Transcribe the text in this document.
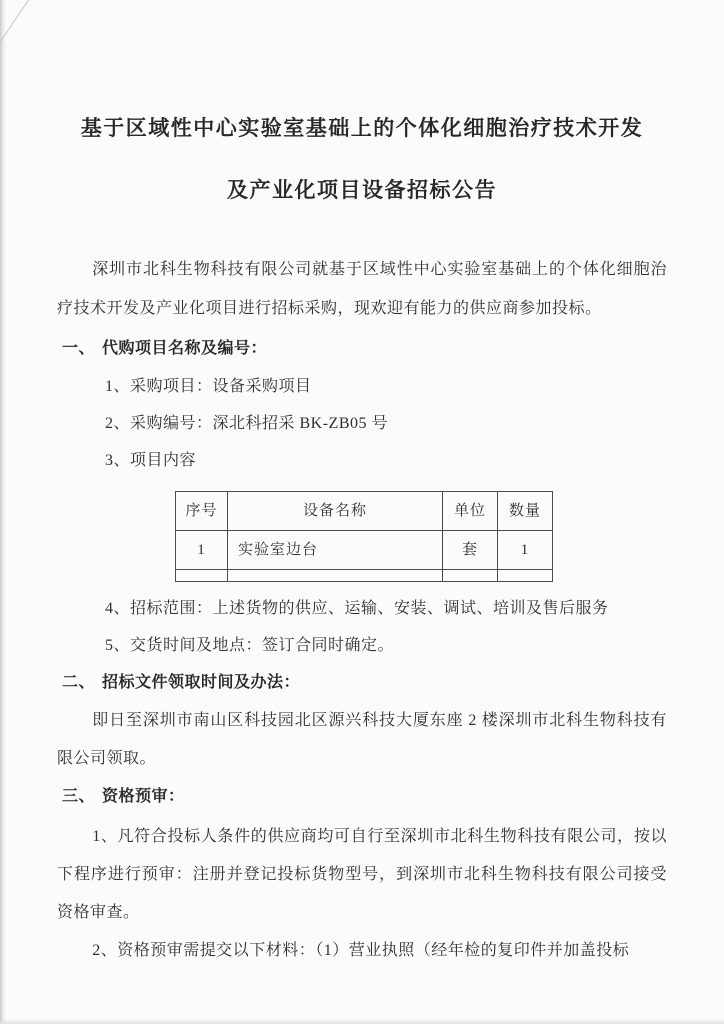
基于区域性中心实验室基础上的个体化细胞治疗技术开发
及产业化项目设备招标公告
深圳市北科生物科技有限公司就基于区域性中心实验室基础上的个体化细胞治疗技术开发及产业化项目进行招标采购，现欢迎有能力的供应商参加投标。
一、 代购项目名称及编号：
1、采购项目：设备采购项目
2、采购编号：深北科招采 BK-ZB05 号
3、项目内容
序号	设备名称	单位	数量
1	实验室边台	套	1

4、招标范围：上述货物的供应、运输、安装、调试、培训及售后服务
5、交货时间及地点：签订合同时确定。
二、 招标文件领取时间及办法：
即日至深圳市南山区科技园北区源兴科技大厦东座 2 楼深圳市北科生物科技有限公司领取。
三、 资格预审：
1、凡符合投标人条件的供应商均可自行至深圳市北科生物科技有限公司，按以下程序进行预审：注册并登记投标货物型号，到深圳市北科生物科技有限公司接受资格审查。
2、资格预审需提交以下材料：（1）营业执照（经年检的复印件并加盖投标
